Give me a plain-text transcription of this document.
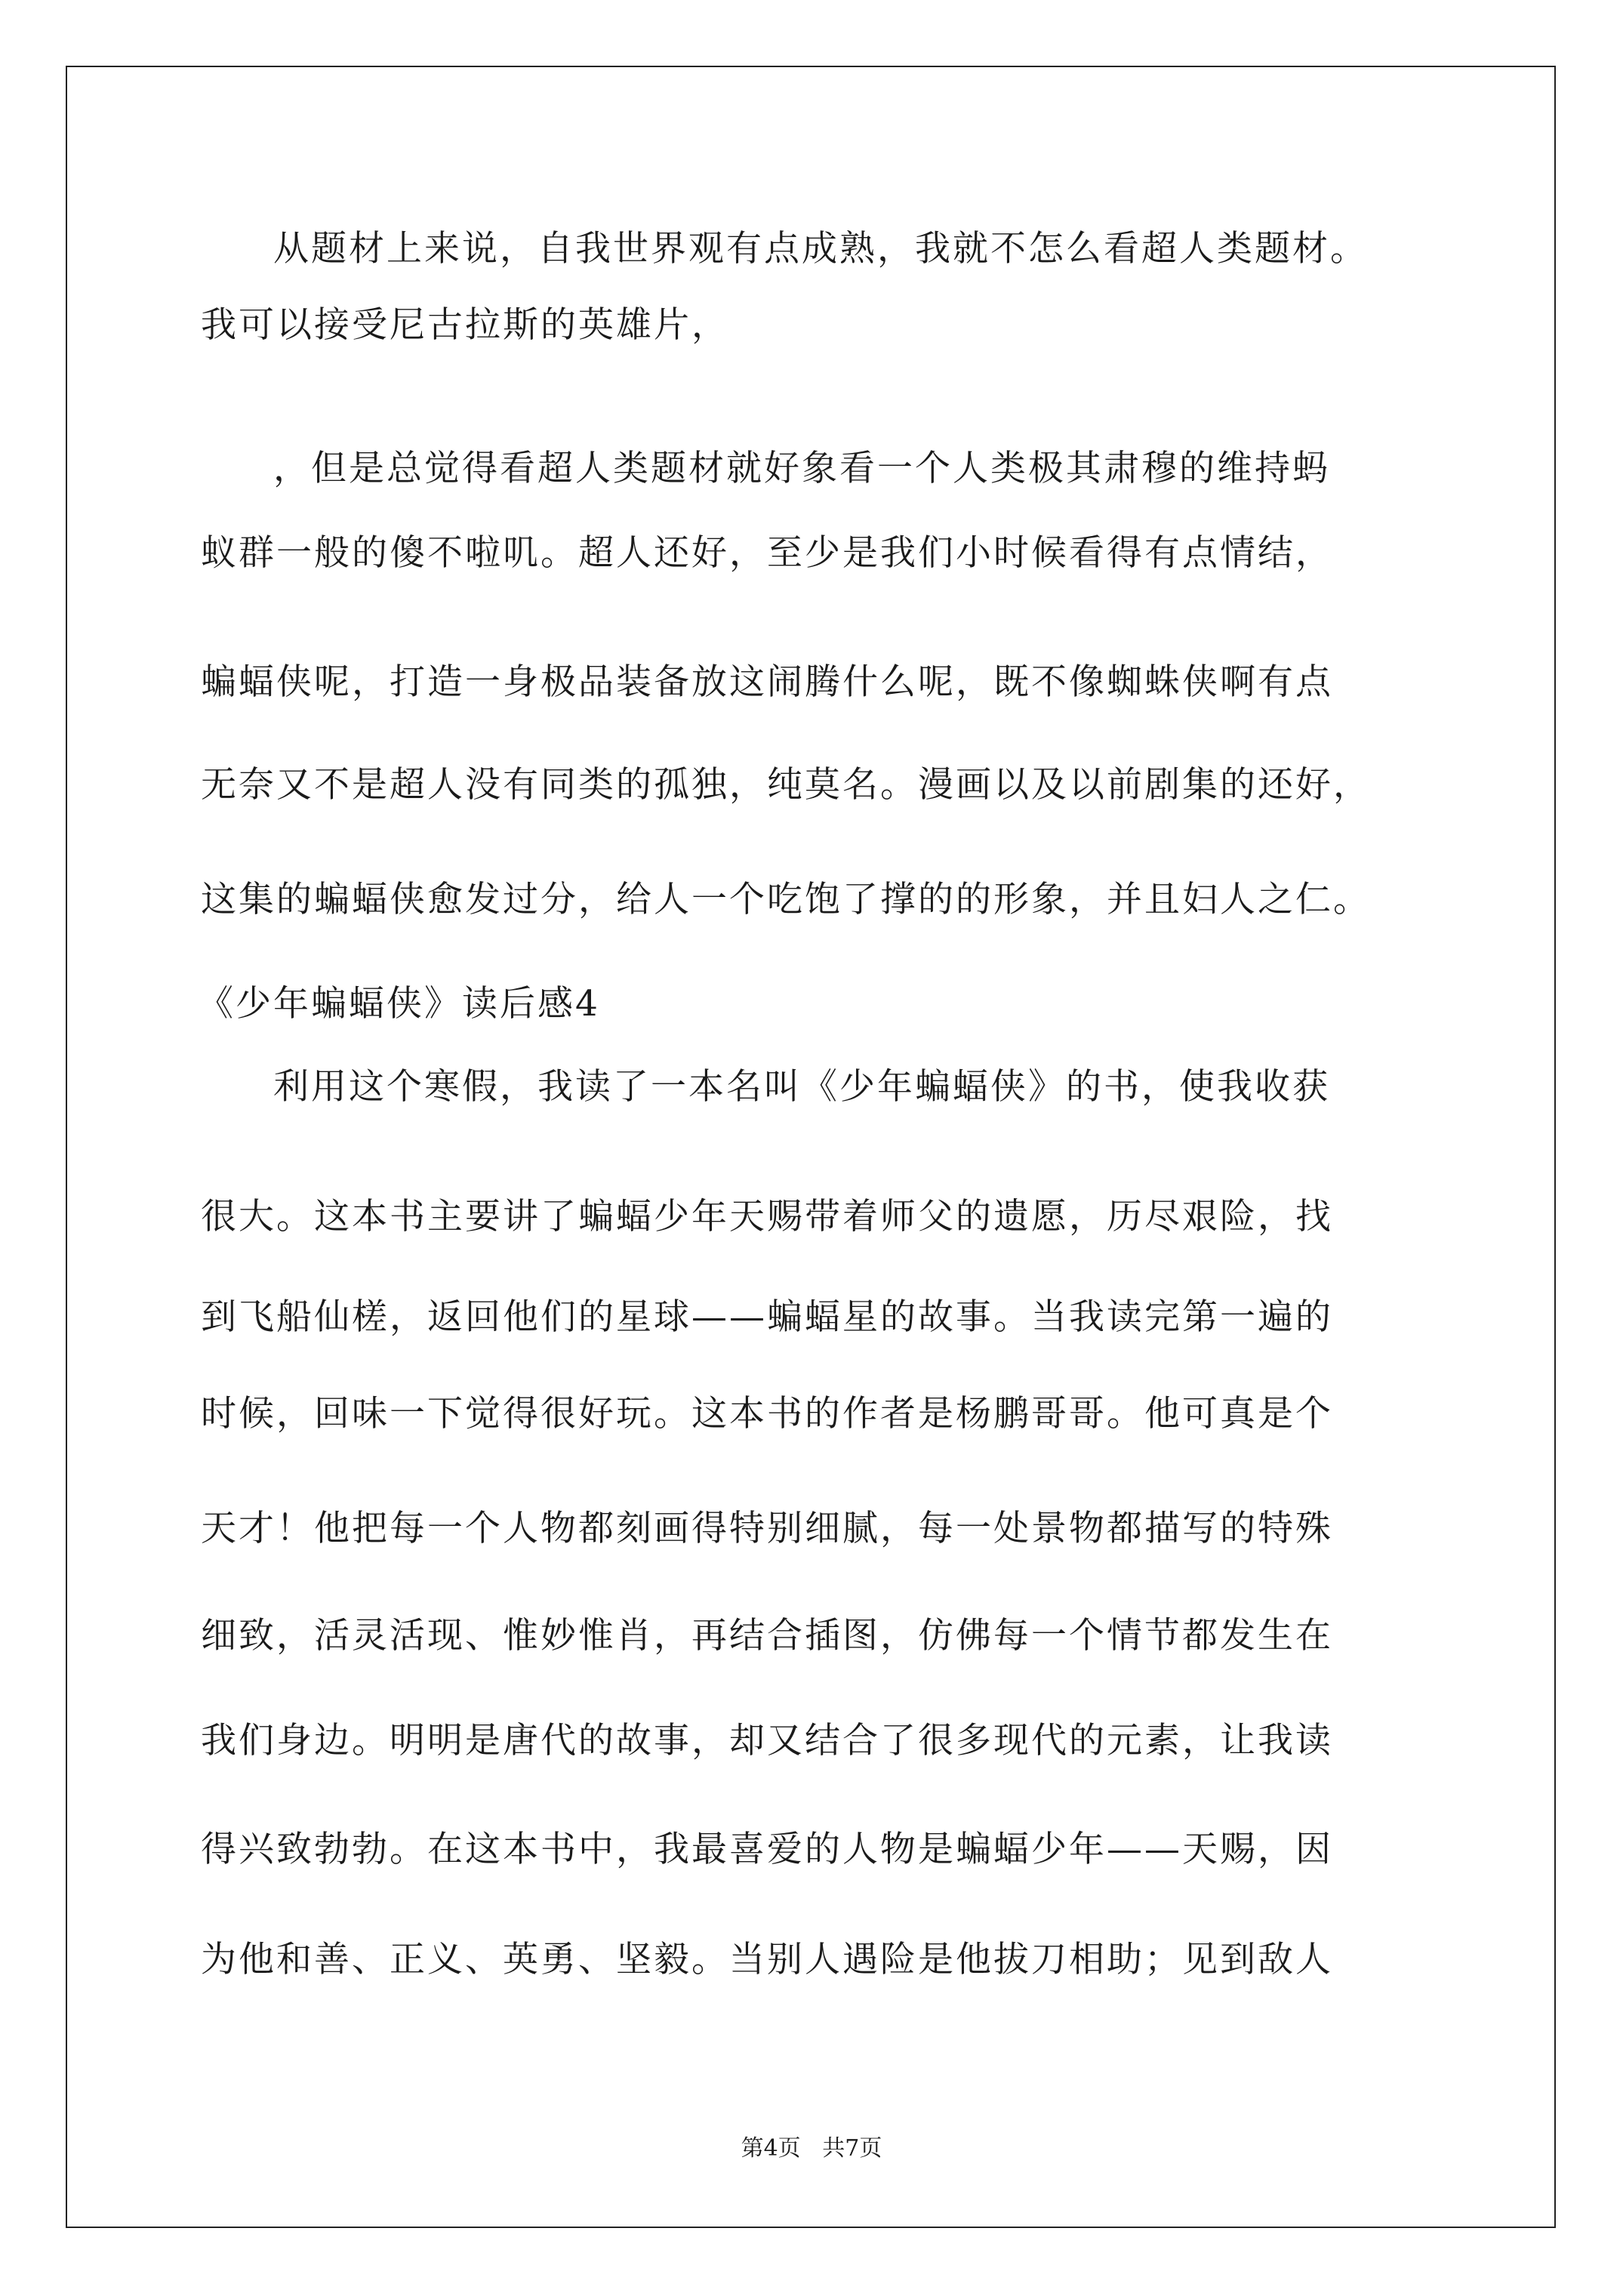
从题材上来说，自我世界观有点成熟，我就不怎么看超人类题材。
我可以接受尼古拉斯的英雄片，
，但是总觉得看超人类题材就好象看一个人类极其肃穆的维持蚂
蚁群一般的傻不啦叽。超人还好，至少是我们小时候看得有点情结，
蝙蝠侠呢，打造一身极品装备放这闹腾什么呢，既不像蜘蛛侠啊有点
无奈又不是超人没有同类的孤独，纯莫名。漫画以及以前剧集的还好，
这集的蝙蝠侠愈发过分，给人一个吃饱了撑的的形象，并且妇人之仁。
《少年蝙蝠侠》读后感4
利用这个寒假，我读了一本名叫《少年蝙蝠侠》的书，使我收获
很大。这本书主要讲了蝙蝠少年天赐带着师父的遗愿，历尽艰险，找
到飞船仙槎，返回他们的星球——蝙蝠星的故事。当我读完第一遍的
时候，回味一下觉得很好玩。这本书的作者是杨鹏哥哥。他可真是个
天才！他把每一个人物都刻画得特别细腻，每一处景物都描写的特殊
细致，活灵活现、惟妙惟肖，再结合插图，仿佛每一个情节都发生在
我们身边。明明是唐代的故事，却又结合了很多现代的元素，让我读
得兴致勃勃。在这本书中，我最喜爱的人物是蝙蝠少年——天赐，因
为他和善、正义、英勇、坚毅。当别人遇险是他拔刀相助；见到敌人
第4页   共7页
